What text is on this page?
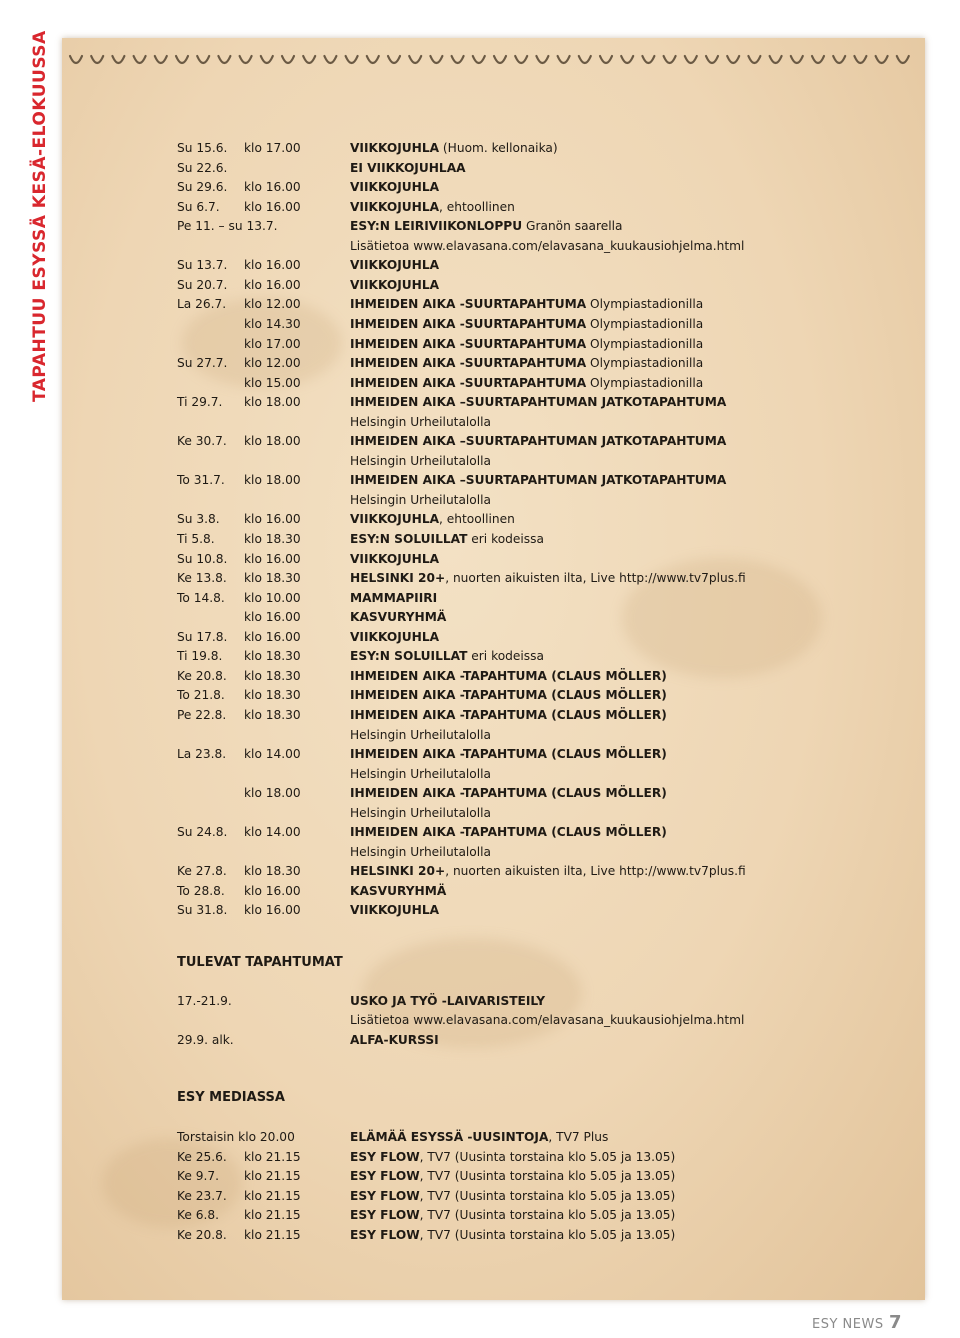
TAPAHTUU ESYSSÄ KESÄ-ELOKUUSSA	Su 15.6. klo 17.00	VIIKKOJUHLA (Huom. kellonaika)
Su 22.6.	EI VIIKKOJUHLAA
Su 29.6. klo 16.00	VIIKKOJUHLA
Su 6.7. klo 16.00	VIIKKOJUHLA, ehtoollinen
Pe 11. – su 13.7.	ESY:N LEIRIVIIKONLOPPU Granön saarella
Lisätietoa www.elavasana.com/elavasana_kuukausiohjelma.html
Su 13.7. klo 16.00	VIIKKOJUHLA
Su 20.7. klo 16.00	VIIKKOJUHLA
La 26.7. klo 12.00	IHMEIDEN AIKA -SUURTAPAHTUMA Olympiastadionilla
klo 14.30	IHMEIDEN AIKA -SUURTAPAHTUMA Olympiastadionilla
klo 17.00	IHMEIDEN AIKA -SUURTAPAHTUMA Olympiastadionilla
Su 27.7. klo 12.00	IHMEIDEN AIKA -SUURTAPAHTUMA Olympiastadionilla
klo 15.00	IHMEIDEN AIKA -SUURTAPAHTUMA Olympiastadionilla
Ti 29.7. klo 18.00	IHMEIDEN AIKA –SUURTAPAHTUMAN JATKOTAPAHTUMA
Helsingin Urheilutalolla
Ke 30.7. klo 18.00	IHMEIDEN AIKA –SUURTAPAHTUMAN JATKOTAPAHTUMA
Helsingin Urheilutalolla
To 31.7. klo 18.00	IHMEIDEN AIKA –SUURTAPAHTUMAN JATKOTAPAHTUMA
Helsingin Urheilutalolla
Su 3.8. klo 16.00	VIIKKOJUHLA, ehtoollinen
Ti 5.8. klo 18.30	ESY:N SOLUILLAT eri kodeissa
Su 10.8. klo 16.00	VIIKKOJUHLA
Ke 13.8. klo 18.30	HELSINKI 20+, nuorten aikuisten ilta, Live http://www.tv7plus.fi
To 14.8. klo 10.00	MAMMAPIIRI
klo 16.00	KASVURYHMÄ
Su 17.8. klo 16.00	VIIKKOJUHLA
Ti 19.8. klo 18.30	ESY:N SOLUILLAT eri kodeissa
Ke 20.8. klo 18.30	IHMEIDEN AIKA -TAPAHTUMA (CLAUS MÖLLER)
To 21.8. klo 18.30	IHMEIDEN AIKA -TAPAHTUMA (CLAUS MÖLLER)
Pe 22.8. klo 18.30	IHMEIDEN AIKA -TAPAHTUMA (CLAUS MÖLLER)
Helsingin Urheilutalolla
La 23.8. klo 14.00	IHMEIDEN AIKA -TAPAHTUMA (CLAUS MÖLLER)
Helsingin Urheilutalolla
klo 18.00	IHMEIDEN AIKA -TAPAHTUMA (CLAUS MÖLLER)
Helsingin Urheilutalolla
Su 24.8. klo 14.00	IHMEIDEN AIKA -TAPAHTUMA (CLAUS MÖLLER)
Helsingin Urheilutalolla
Ke 27.8. klo 18.30	HELSINKI 20+, nuorten aikuisten ilta, Live http://www.tv7plus.fi
To 28.8. klo 16.00	KASVURYHMÄ
Su 31.8. klo 16.00	VIIKKOJUHLA
TULEVAT TAPAHTUMAT
17.-21.9.	USKO JA TYÖ -LAIVARISTEILY
Lisätietoa www.elavasana.com/elavasana_kuukausiohjelma.html
29.9. alk.	ALFA-KURSSI
ESY MEDIASSA
Torstaisin klo 20.00	ELÄMÄÄ ESYSSÄ -UUSINTOJA, TV7 Plus
Ke 25.6. klo 21.15	ESY FLOW, TV7 (Uusinta torstaina klo 5.05 ja 13.05)
Ke 9.7. klo 21.15	ESY FLOW, TV7 (Uusinta torstaina klo 5.05 ja 13.05)
Ke 23.7. klo 21.15	ESY FLOW, TV7 (Uusinta torstaina klo 5.05 ja 13.05)
Ke 6.8. klo 21.15	ESY FLOW, TV7 (Uusinta torstaina klo 5.05 ja 13.05)
Ke 20.8. klo 21.15	ESY FLOW, TV7 (Uusinta torstaina klo 5.05 ja 13.05)
ESY NEWS 7
